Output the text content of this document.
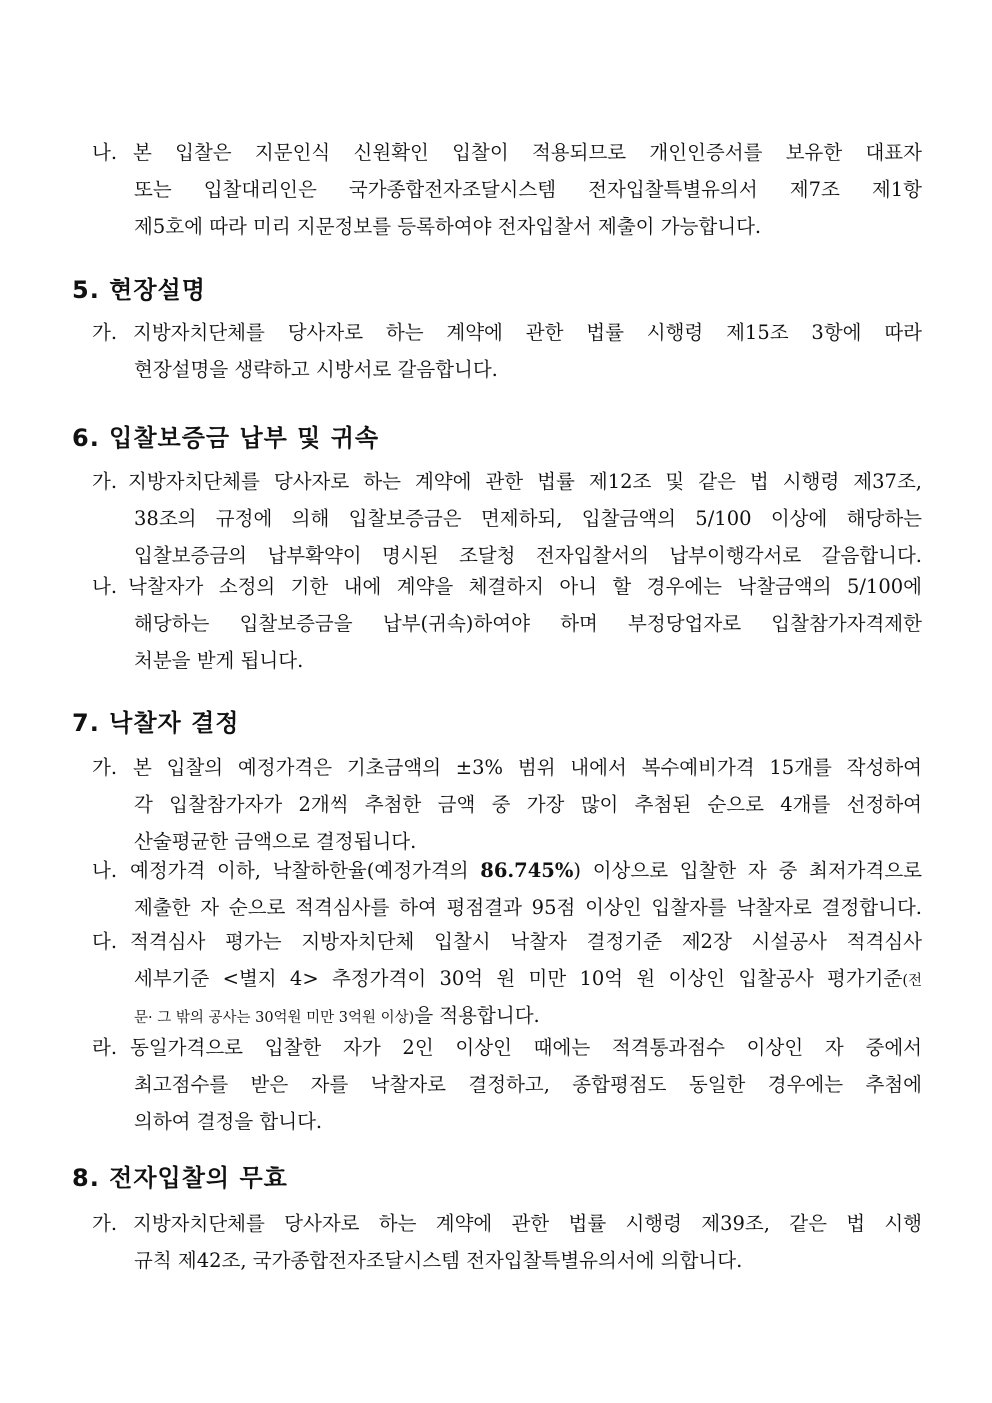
나. 본 입찰은 지문인식 신원확인 입찰이 적용되므로 개인인증서를 보유한 대표자
또는 입찰대리인은 국가종합전자조달시스템 전자입찰특별유의서 제7조 제1항
제5호에 따라 미리 지문정보를 등록하여야 전자입찰서 제출이 가능합니다.
5. 현장설명
가. 지방자치단체를 당사자로 하는 계약에 관한 법률 시행령 제15조 3항에 따라
현장설명을 생략하고 시방서로 갈음합니다.
6. 입찰보증금 납부 및 귀속
가. 지방자치단체를 당사자로 하는 계약에 관한 법률 제12조 및 같은 법 시행령 제37조,
38조의 규정에 의해 입찰보증금은 면제하되, 입찰금액의 5/100 이상에 해당하는
입찰보증금의 납부확약이 명시된 조달청 전자입찰서의 납부이행각서로 갈음합니다.
나. 낙찰자가 소정의 기한 내에 계약을 체결하지 아니 할 경우에는 낙찰금액의 5/100에
해당하는 입찰보증금을 납부(귀속)하여야 하며 부정당업자로 입찰참가자격제한
처분을 받게 됩니다.
7. 낙찰자 결정
가. 본 입찰의 예정가격은 기초금액의 ±3% 범위 내에서 복수예비가격 15개를 작성하여
각 입찰참가자가 2개씩 추첨한 금액 중 가장 많이 추첨된 순으로 4개를 선정하여
산술평균한 금액으로 결정됩니다.
나. 예정가격 이하, 낙찰하한율(예정가격의 86.745%) 이상으로 입찰한 자 중 최저가격으로
제출한 자 순으로 적격심사를 하여 평점결과 95점 이상인 입찰자를 낙찰자로 결정합니다.
다. 적격심사 평가는 지방자치단체 입찰시 낙찰자 결정기준 제2장 시설공사 적격심사
세부기준 <별지 4> 추정가격이 30억 원 미만 10억 원 이상인 입찰공사 평가기준(전
문· 그 밖의 공사는 30억원 미만 3억원 이상)을 적용합니다.
라. 동일가격으로 입찰한 자가 2인 이상인 때에는 적격통과점수 이상인 자 중에서
최고점수를 받은 자를 낙찰자로 결정하고, 종합평점도 동일한 경우에는 추첨에
의하여 결정을 합니다.
8. 전자입찰의 무효
가. 지방자치단체를 당사자로 하는 계약에 관한 법률 시행령 제39조, 같은 법 시행
규칙 제42조, 국가종합전자조달시스템 전자입찰특별유의서에 의합니다.
